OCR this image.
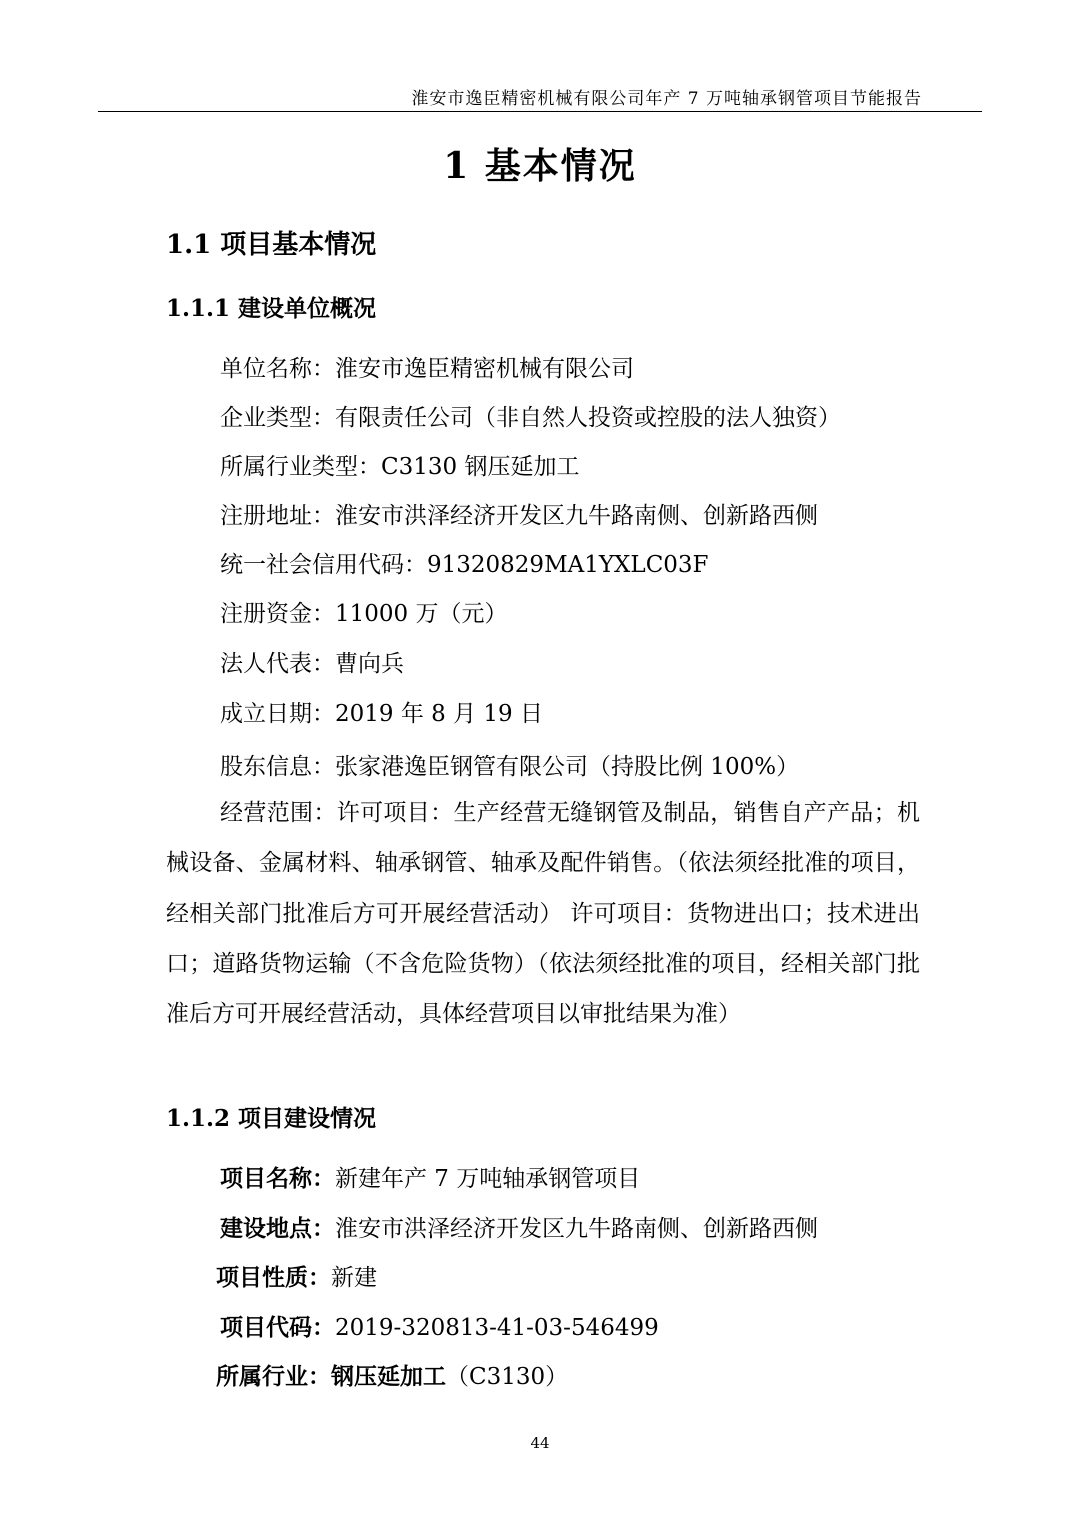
淮安市逸臣精密机械有限公司年产 7 万吨轴承钢管项目节能报告
1 基本情况
1.1 项目基本情况
1.1.1 建设单位概况
单位名称：淮安市逸臣精密机械有限公司
企业类型：有限责任公司（非自然人投资或控股的法人独资）
所属行业类型：C3130 钢压延加工
注册地址：淮安市洪泽经济开发区九牛路南侧、创新路西侧
统一社会信用代码：91320829MA1YXLC03F
注册资金：11000 万（元）
法人代表：曹向兵
成立日期：2019 年 8 月 19 日
股东信息：张家港逸臣钢管有限公司（持股比例 100%）
经营范围：许可项目：生产经营无缝钢管及制品，销售自产产品；机械设备、金属材料、轴承钢管、轴承及配件销售。（依法须经批准的项目，经相关部门批准后方可开展经营活动） 许可项目：货物进出口；技术进出口；道路货物运输（不含危险货物）（依法须经批准的项目，经相关部门批准后方可开展经营活动，具体经营项目以审批结果为准）
1.1.2 项目建设情况
项目名称：新建年产 7 万吨轴承钢管项目
建设地点：淮安市洪泽经济开发区九牛路南侧、创新路西侧
项目性质：新建
项目代码：2019-320813-41-03-546499
所属行业：钢压延加工（C3130）
44
